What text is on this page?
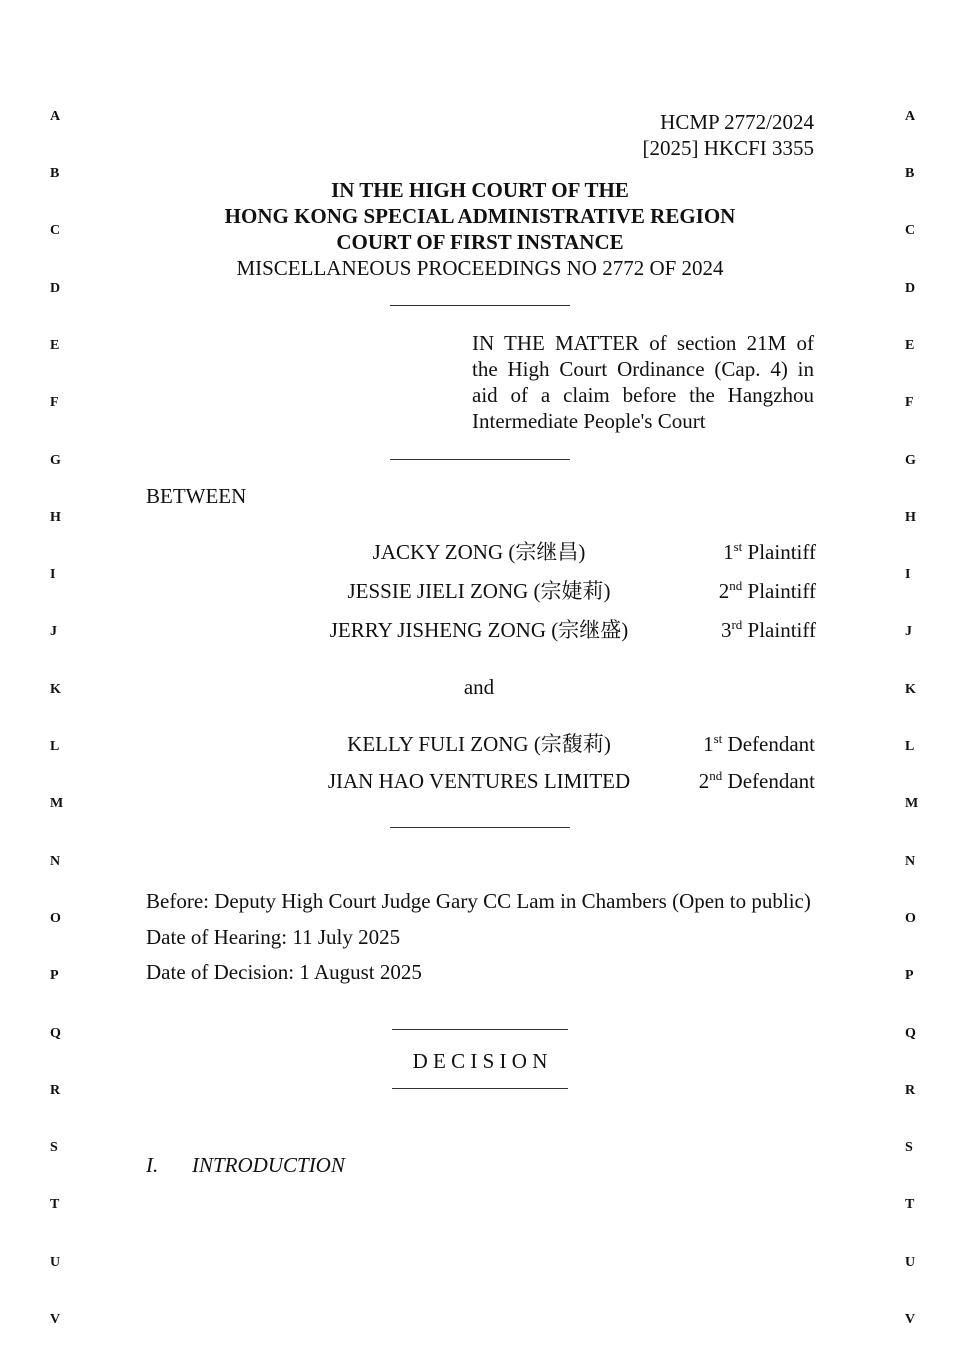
A
B
C
D
E
F
G
H
I
J
K
L
M
N
O
P
Q
R
S
T
U
V
A
B
C
D
E
F
G
H
I
J
K
L
M
N
O
P
Q
R
S
T
U
V
HCMP 2772/2024
[2025] HKCFI 3355
IN THE HIGH COURT OF THE
HONG KONG SPECIAL ADMINISTRATIVE REGION
COURT OF FIRST INSTANCE
MISCELLANEOUS PROCEEDINGS NO 2772 OF 2024
IN THE MATTER of section 21M of
the High Court Ordinance (Cap. 4) in
aid of a claim before the Hangzhou
Intermediate People's Court
BETWEEN
JACKY ZONG (宗继昌)	1st Plaintiff
JESSIE JIELI ZONG (宗婕莉)	2nd Plaintiff
JERRY JISHENG ZONG (宗继盛)	3rd Plaintiff
and
KELLY FULI ZONG (宗馥莉)	1st Defendant
JIAN HAO VENTURES LIMITED	2nd Defendant
Before: Deputy High Court Judge Gary CC Lam in Chambers (Open to public)
Date of Hearing: 11 July 2025
Date of Decision: 1 August 2025
D E C I S I O N
I. INTRODUCTION
